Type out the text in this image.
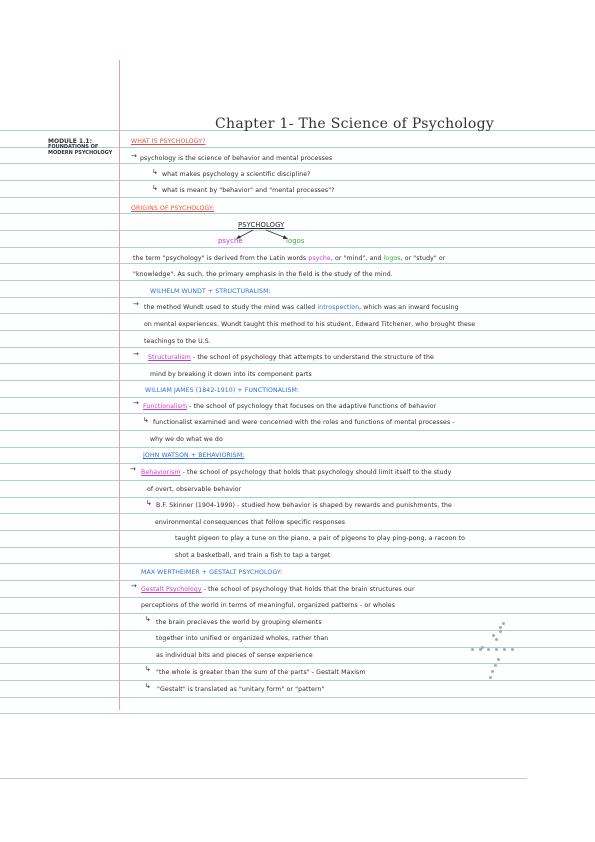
Chapter 1- The Science of Psychology
MODULE 1.1:
FOUNDATIONS OF
MODERN PSYCHOLOGY
WHAT IS PSYCHOLOGY?
→ psychology is the science of behavior and mental processes
↳ what makes psychology a scientific discipline?
↳ what is meant by "behavior" and "mental processes"?
ORIGINS OF PSYCHOLOGY:
PSYCHOLOGY
psyche	logos
the term "psychology" is derived from the Latin words psyche, or "mind", and logos, or "study" or
"knowledge". As such, the primary emphasis in the field is the study of the mind.
WILHELM WUNDT + STRUCTURALISM:
→ the method Wundt used to study the mind was called introspection, which was an inward focusing
on mental experiences. Wundt taught this method to his student, Edward Titchener, who brought these
teachings to the U.S.
→ Structuralism - the school of psychology that attempts to understand the structure of the
mind by breaking it down into its component parts
WILLIAM JAMES (1842-1910) + FUNCTIONALISM:
→ Functionalism - the school of psychology that focuses on the adaptive functions of behavior
↳ functionalist examined and were concerned with the roles and functions of mental processes -
why we do what we do
JOHN WATSON + BEHAVIORISM:
→ Behaviorism - the school of psychology that holds that psychology should limit itself to the study
of overt, observable behavior
↳ B.F. Skinner (1904-1990) - studied how behavior is shaped by rewards and punishments, the
environmental consequences that follow specific responses
taught pigeon to play a tune on the piano, a pair of pigeons to play ping-pong, a racoon to
shot a basketball, and train a fish to tap a target
MAX WERTHEIMER + GESTALT PSYCHOLOGY:
→ Gestalt Psychology - the school of psychology that holds that the brain structures our
perceptions of the world in terms of meaningful, organized patterns - or wholes
↳ the brain precieves the world by grouping elements
together into unified or organized wholes, rather than
as individual bits and pieces of sense experience
↳ "the whole is greater than the sum of the parts" - Gestalt Maxism
↳ "Gestalt" is translated as "unitary form" or "pattern"
